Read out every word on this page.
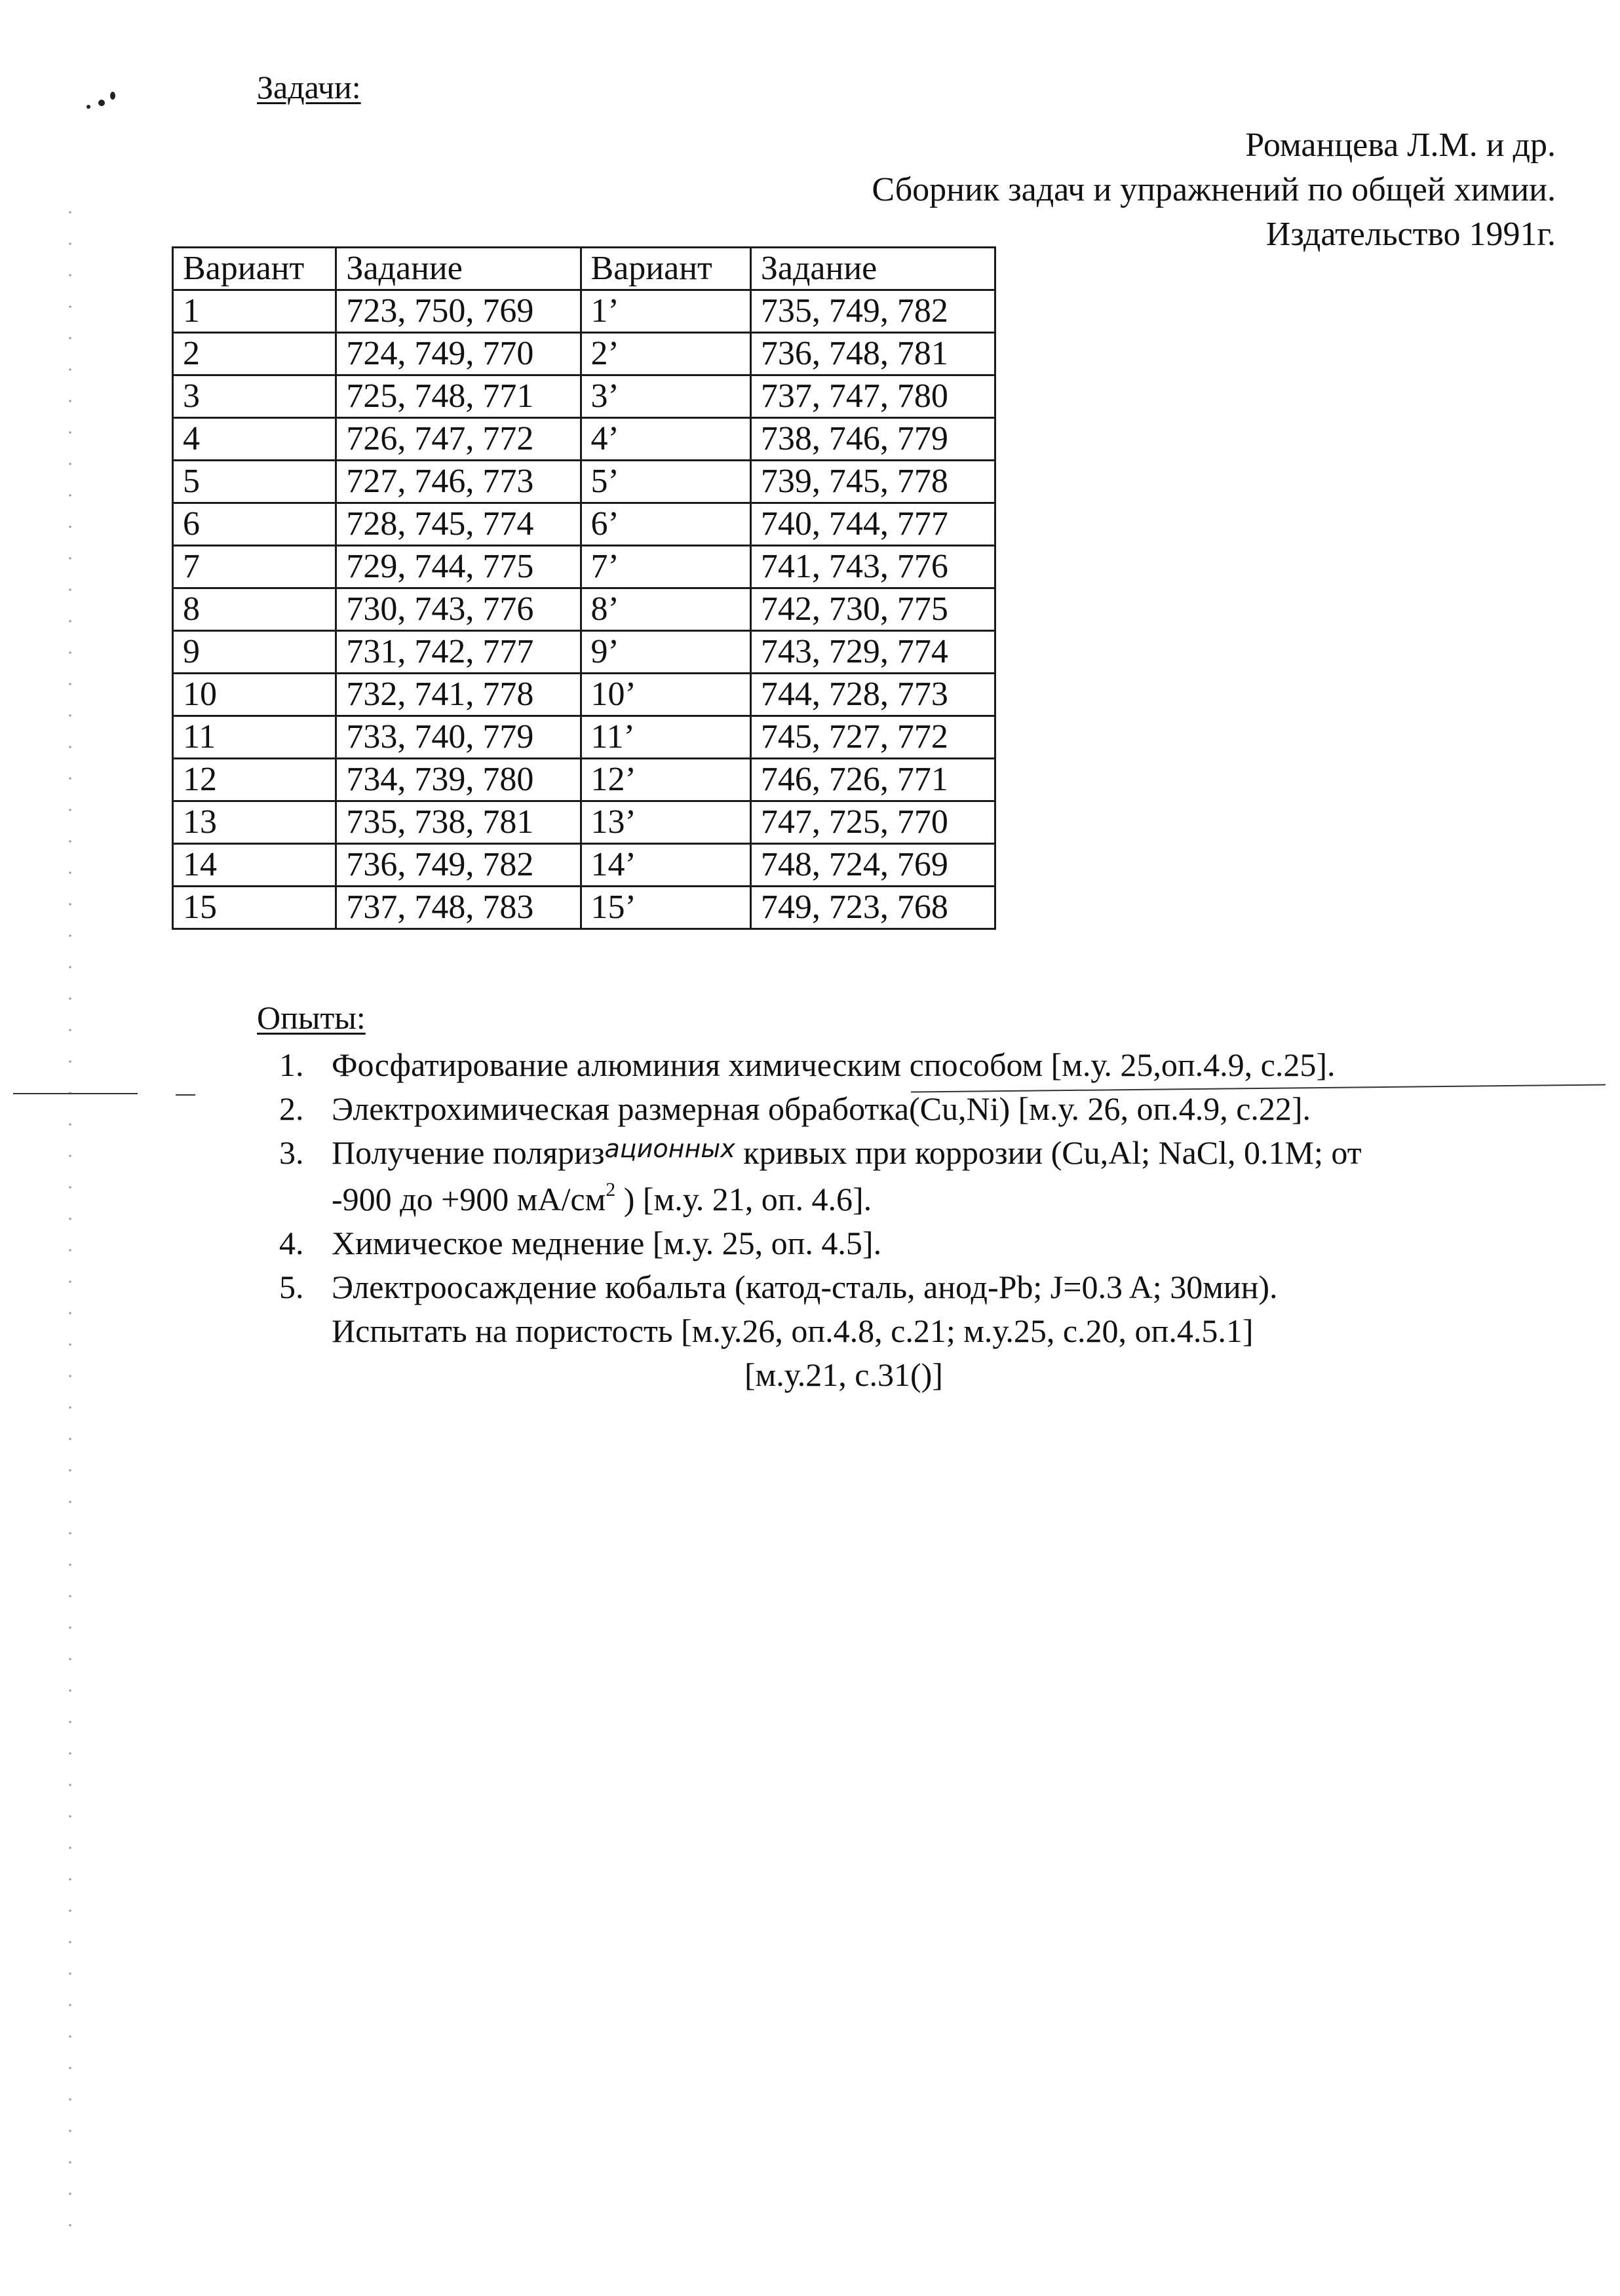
Задачи:
Романцева Л.М. и др.
Сборник задач и упражнений по общей химии.
Издательство 1991г.
Вариант	Задание	Вариант	Задание
1	723, 750, 769	1’	735, 749, 782
2	724, 749, 770	2’	736, 748, 781
3	725, 748, 771	3’	737, 747, 780
4	726, 747, 772	4’	738, 746, 779
5	727, 746, 773	5’	739, 745, 778
6	728, 745, 774	6’	740, 744, 777
7	729, 744, 775	7’	741, 743, 776
8	730, 743, 776	8’	742, 730, 775
9	731, 742, 777	9’	743, 729, 774
10	732, 741, 778	10’	744, 728, 773
11	733, 740, 779	11’	745, 727, 772
12	734, 739, 780	12’	746, 726, 771
13	735, 738, 781	13’	747, 725, 770
14	736, 749, 782	14’	748, 724, 769
15	737, 748, 783	15’	749, 723, 768
Опыты:
1. Фосфатирование алюминия химическим способом [м.у. 25,оп.4.9, с.25].
2. Электрохимическая размерная обработка(Cu,Ni) [м.у. 26, оп.4.9, с.22].
3. Получение поляриз$^{ационных}$ кривых при коррозии (Cu,Al; NaCl, 0.1M; от
-900 до +900 $мА/см^2$ ) [м.у. 21, оп. 4.6].
4. Химическое меднение [м.у. 25, оп. 4.5].
5. Электроосаждение кобальта (катод-сталь, анод-Pb; J=0.3 A; 30мин).
Испытать на пористость [м.у.26, оп.4.8, с.21; м.у.25, с.20, оп.4.5.1]
[м.у.21, с.31()]
